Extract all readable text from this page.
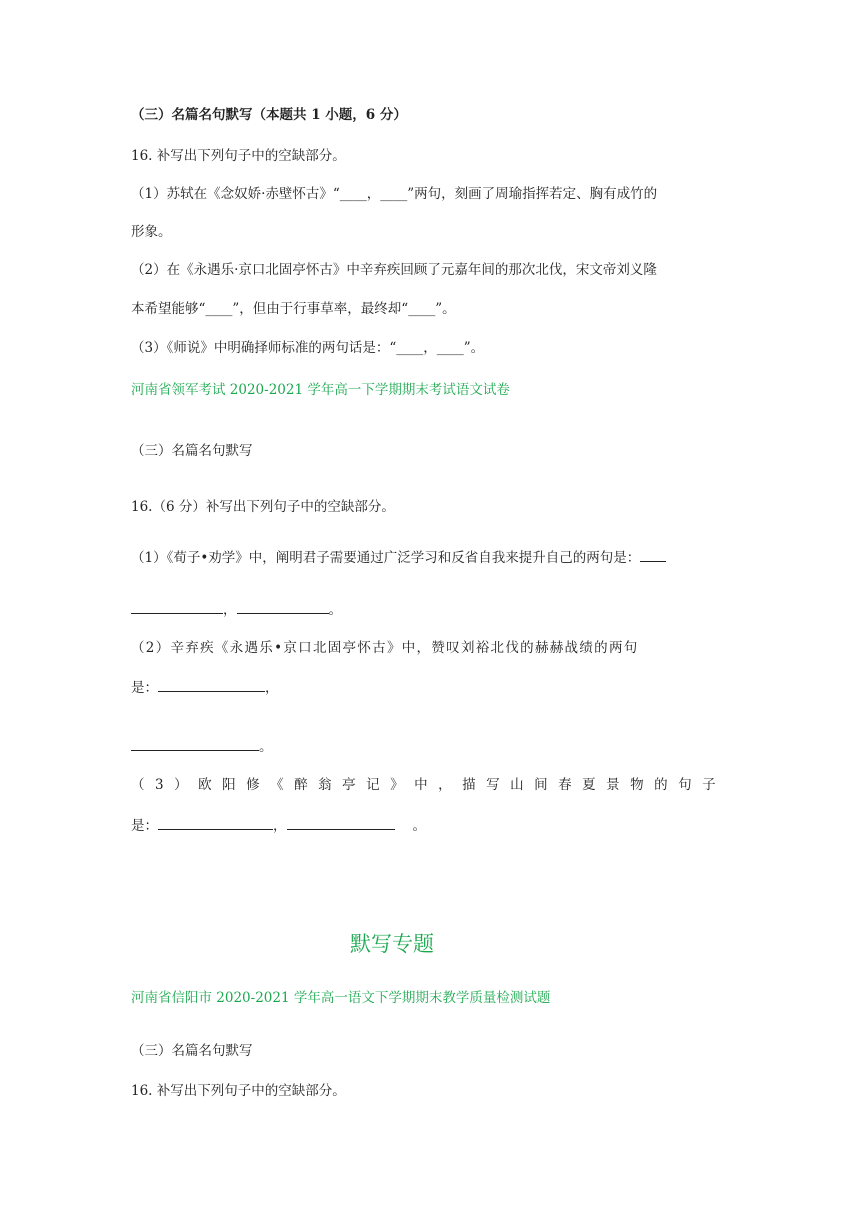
（三）名篇名句默写（本题共 1 小题，6 分）
16. 补写出下列句子中的空缺部分。
（1）苏轼在《念奴娇·赤壁怀古》“____，____”两句，刻画了周瑜指挥若定、胸有成竹的
形象。
（2）在《永遇乐·京口北固亭怀古》中辛弃疾回顾了元嘉年间的那次北伐，宋文帝刘义隆
本希望能够“____”，但由于行事草率，最终却“____”。
（3）《师说》中明确择师标准的两句话是：“____，____”。
河南省领军考试 2020-2021 学年高一下学期期末考试语文试卷
（三）名篇名句默写
16.（6 分）补写出下列句子中的空缺部分。
（1）《荀子•劝学》中，阐明君子需要通过广泛学习和反省自我来提升自己的两句是：
，	。
（2）辛弃疾《永遇乐•京口北固亭怀古》中，赞叹刘裕北伐的赫赫战绩的两句
是：	，
。
（3）欧阳修《醉翁亭记》中，描写山间春夏景物的句子
是：	，	。
默写专题
河南省信阳市 2020-2021 学年高一语文下学期期末教学质量检测试题
（三）名篇名句默写
16. 补写出下列句子中的空缺部分。
